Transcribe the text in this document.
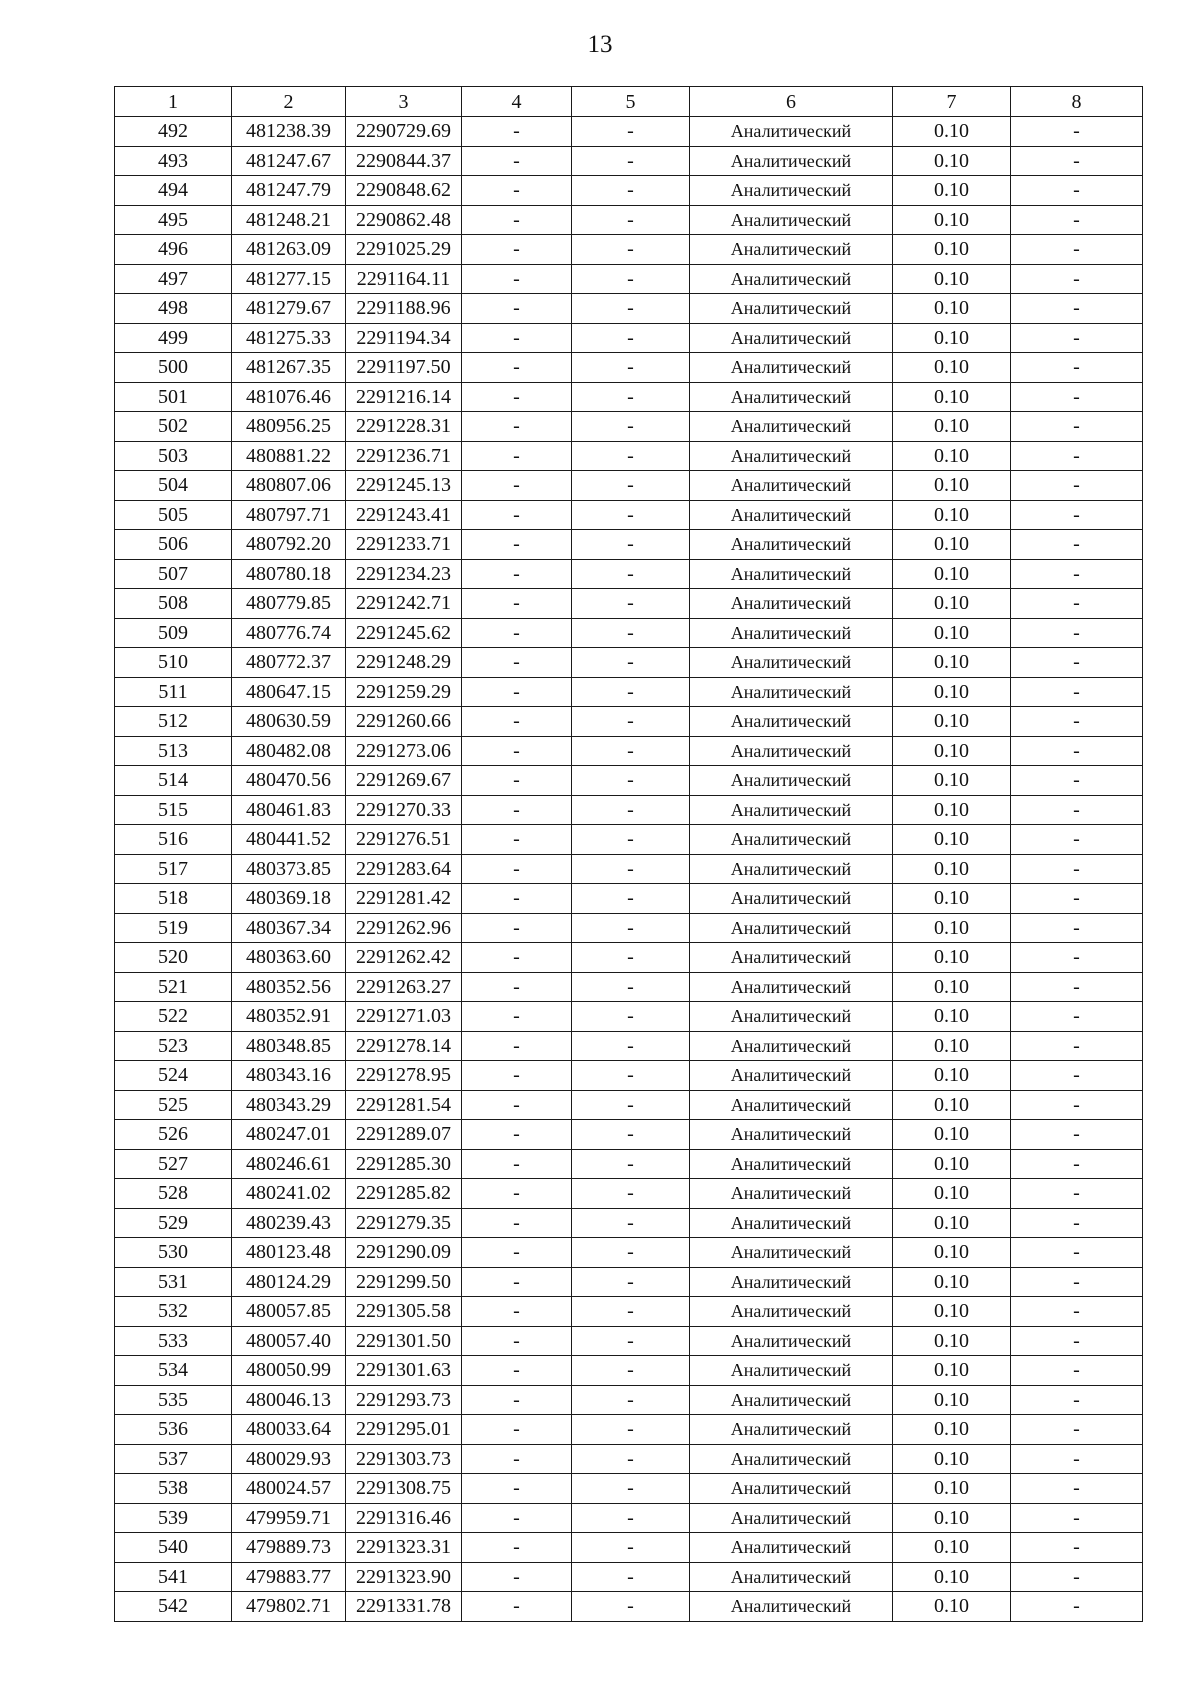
13
1	2	3	4	5	6	7	8
492	481238.39	2290729.69	-	-	Аналитический	0.10	-
493	481247.67	2290844.37	-	-	Аналитический	0.10	-
494	481247.79	2290848.62	-	-	Аналитический	0.10	-
495	481248.21	2290862.48	-	-	Аналитический	0.10	-
496	481263.09	2291025.29	-	-	Аналитический	0.10	-
497	481277.15	2291164.11	-	-	Аналитический	0.10	-
498	481279.67	2291188.96	-	-	Аналитический	0.10	-
499	481275.33	2291194.34	-	-	Аналитический	0.10	-
500	481267.35	2291197.50	-	-	Аналитический	0.10	-
501	481076.46	2291216.14	-	-	Аналитический	0.10	-
502	480956.25	2291228.31	-	-	Аналитический	0.10	-
503	480881.22	2291236.71	-	-	Аналитический	0.10	-
504	480807.06	2291245.13	-	-	Аналитический	0.10	-
505	480797.71	2291243.41	-	-	Аналитический	0.10	-
506	480792.20	2291233.71	-	-	Аналитический	0.10	-
507	480780.18	2291234.23	-	-	Аналитический	0.10	-
508	480779.85	2291242.71	-	-	Аналитический	0.10	-
509	480776.74	2291245.62	-	-	Аналитический	0.10	-
510	480772.37	2291248.29	-	-	Аналитический	0.10	-
511	480647.15	2291259.29	-	-	Аналитический	0.10	-
512	480630.59	2291260.66	-	-	Аналитический	0.10	-
513	480482.08	2291273.06	-	-	Аналитический	0.10	-
514	480470.56	2291269.67	-	-	Аналитический	0.10	-
515	480461.83	2291270.33	-	-	Аналитический	0.10	-
516	480441.52	2291276.51	-	-	Аналитический	0.10	-
517	480373.85	2291283.64	-	-	Аналитический	0.10	-
518	480369.18	2291281.42	-	-	Аналитический	0.10	-
519	480367.34	2291262.96	-	-	Аналитический	0.10	-
520	480363.60	2291262.42	-	-	Аналитический	0.10	-
521	480352.56	2291263.27	-	-	Аналитический	0.10	-
522	480352.91	2291271.03	-	-	Аналитический	0.10	-
523	480348.85	2291278.14	-	-	Аналитический	0.10	-
524	480343.16	2291278.95	-	-	Аналитический	0.10	-
525	480343.29	2291281.54	-	-	Аналитический	0.10	-
526	480247.01	2291289.07	-	-	Аналитический	0.10	-
527	480246.61	2291285.30	-	-	Аналитический	0.10	-
528	480241.02	2291285.82	-	-	Аналитический	0.10	-
529	480239.43	2291279.35	-	-	Аналитический	0.10	-
530	480123.48	2291290.09	-	-	Аналитический	0.10	-
531	480124.29	2291299.50	-	-	Аналитический	0.10	-
532	480057.85	2291305.58	-	-	Аналитический	0.10	-
533	480057.40	2291301.50	-	-	Аналитический	0.10	-
534	480050.99	2291301.63	-	-	Аналитический	0.10	-
535	480046.13	2291293.73	-	-	Аналитический	0.10	-
536	480033.64	2291295.01	-	-	Аналитический	0.10	-
537	480029.93	2291303.73	-	-	Аналитический	0.10	-
538	480024.57	2291308.75	-	-	Аналитический	0.10	-
539	479959.71	2291316.46	-	-	Аналитический	0.10	-
540	479889.73	2291323.31	-	-	Аналитический	0.10	-
541	479883.77	2291323.90	-	-	Аналитический	0.10	-
542	479802.71	2291331.78	-	-	Аналитический	0.10	-
